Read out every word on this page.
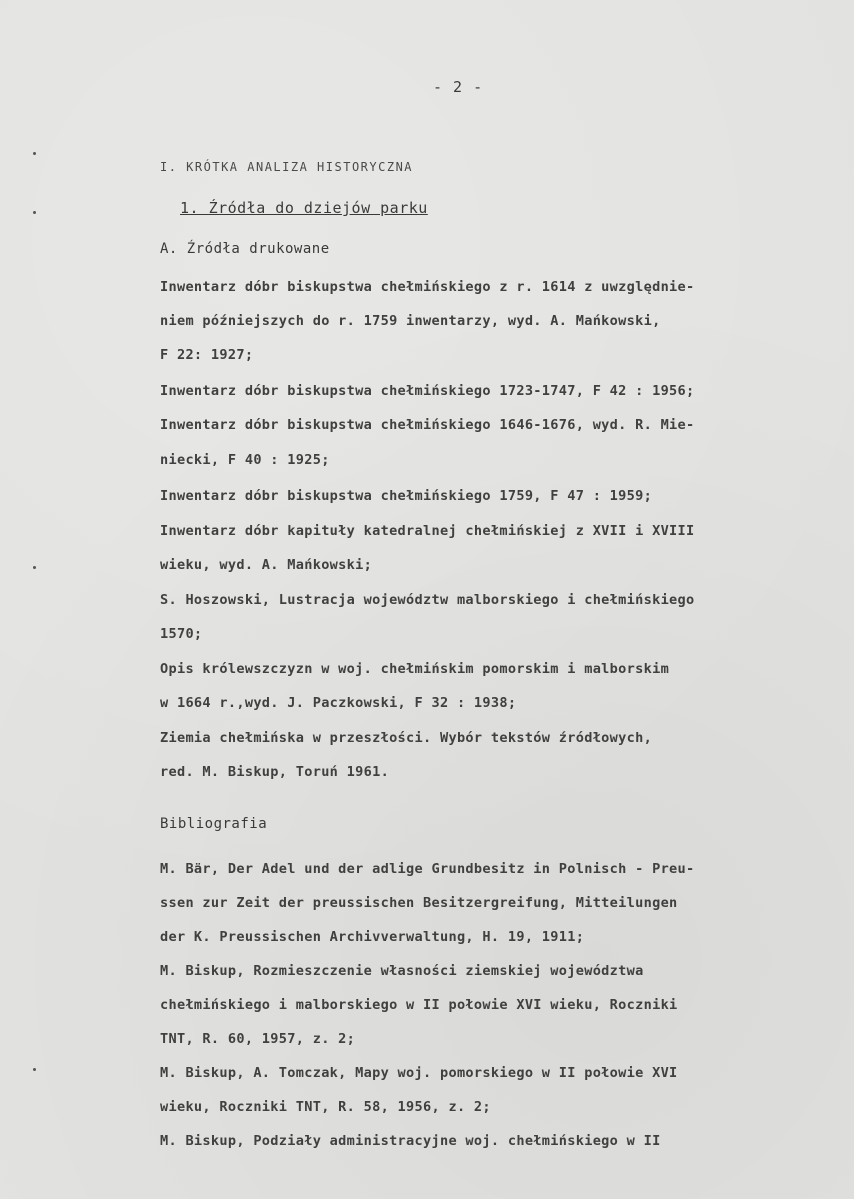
- 2 -
I. KRÓTKA ANALIZA HISTORYCZNA
1. Źródła do dziejów parku
A. Źródła drukowane
Inwentarz dóbr biskupstwa chełmińskiego z r. 1614 z uwzględnie-
niem późniejszych do r. 1759 inwentarzy, wyd. A. Mańkowski,
F 22: 1927;
Inwentarz dóbr biskupstwa chełmińskiego 1723-1747, F 42 : 1956;
Inwentarz dóbr biskupstwa chełmińskiego 1646-1676, wyd. R. Mie-
niecki, F 40 : 1925;
Inwentarz dóbr biskupstwa chełmińskiego 1759, F 47 : 1959;
Inwentarz dóbr kapituły katedralnej chełmińskiej z XVII i XVIII
wieku, wyd. A. Mańkowski;
S. Hoszowski, Lustracja województw malborskiego i chełmińskiego
1570;
Opis królewszczyzn w woj. chełmińskim pomorskim i malborskim
w 1664 r.,wyd. J. Paczkowski, F 32 : 1938;
Ziemia chełmińska w przeszłości. Wybór tekstów źródłowych,
red. M. Biskup, Toruń 1961.
Bibliografia
M. Bär, Der Adel und der adlige Grundbesitz in Polnisch - Preu-
ssen zur Zeit der preussischen Besitzergreifung, Mitteilungen
der K. Preussischen Archivverwaltung, H. 19, 1911;
M. Biskup, Rozmieszczenie własności ziemskiej województwa
chełmińskiego i malborskiego w II połowie XVI wieku, Roczniki
TNT, R. 60, 1957, z. 2;
M. Biskup, A. Tomczak, Mapy woj. pomorskiego w II połowie XVI
wieku, Roczniki TNT, R. 58, 1956, z. 2;
M. Biskup, Podziały administracyjne woj. chełmińskiego w II
